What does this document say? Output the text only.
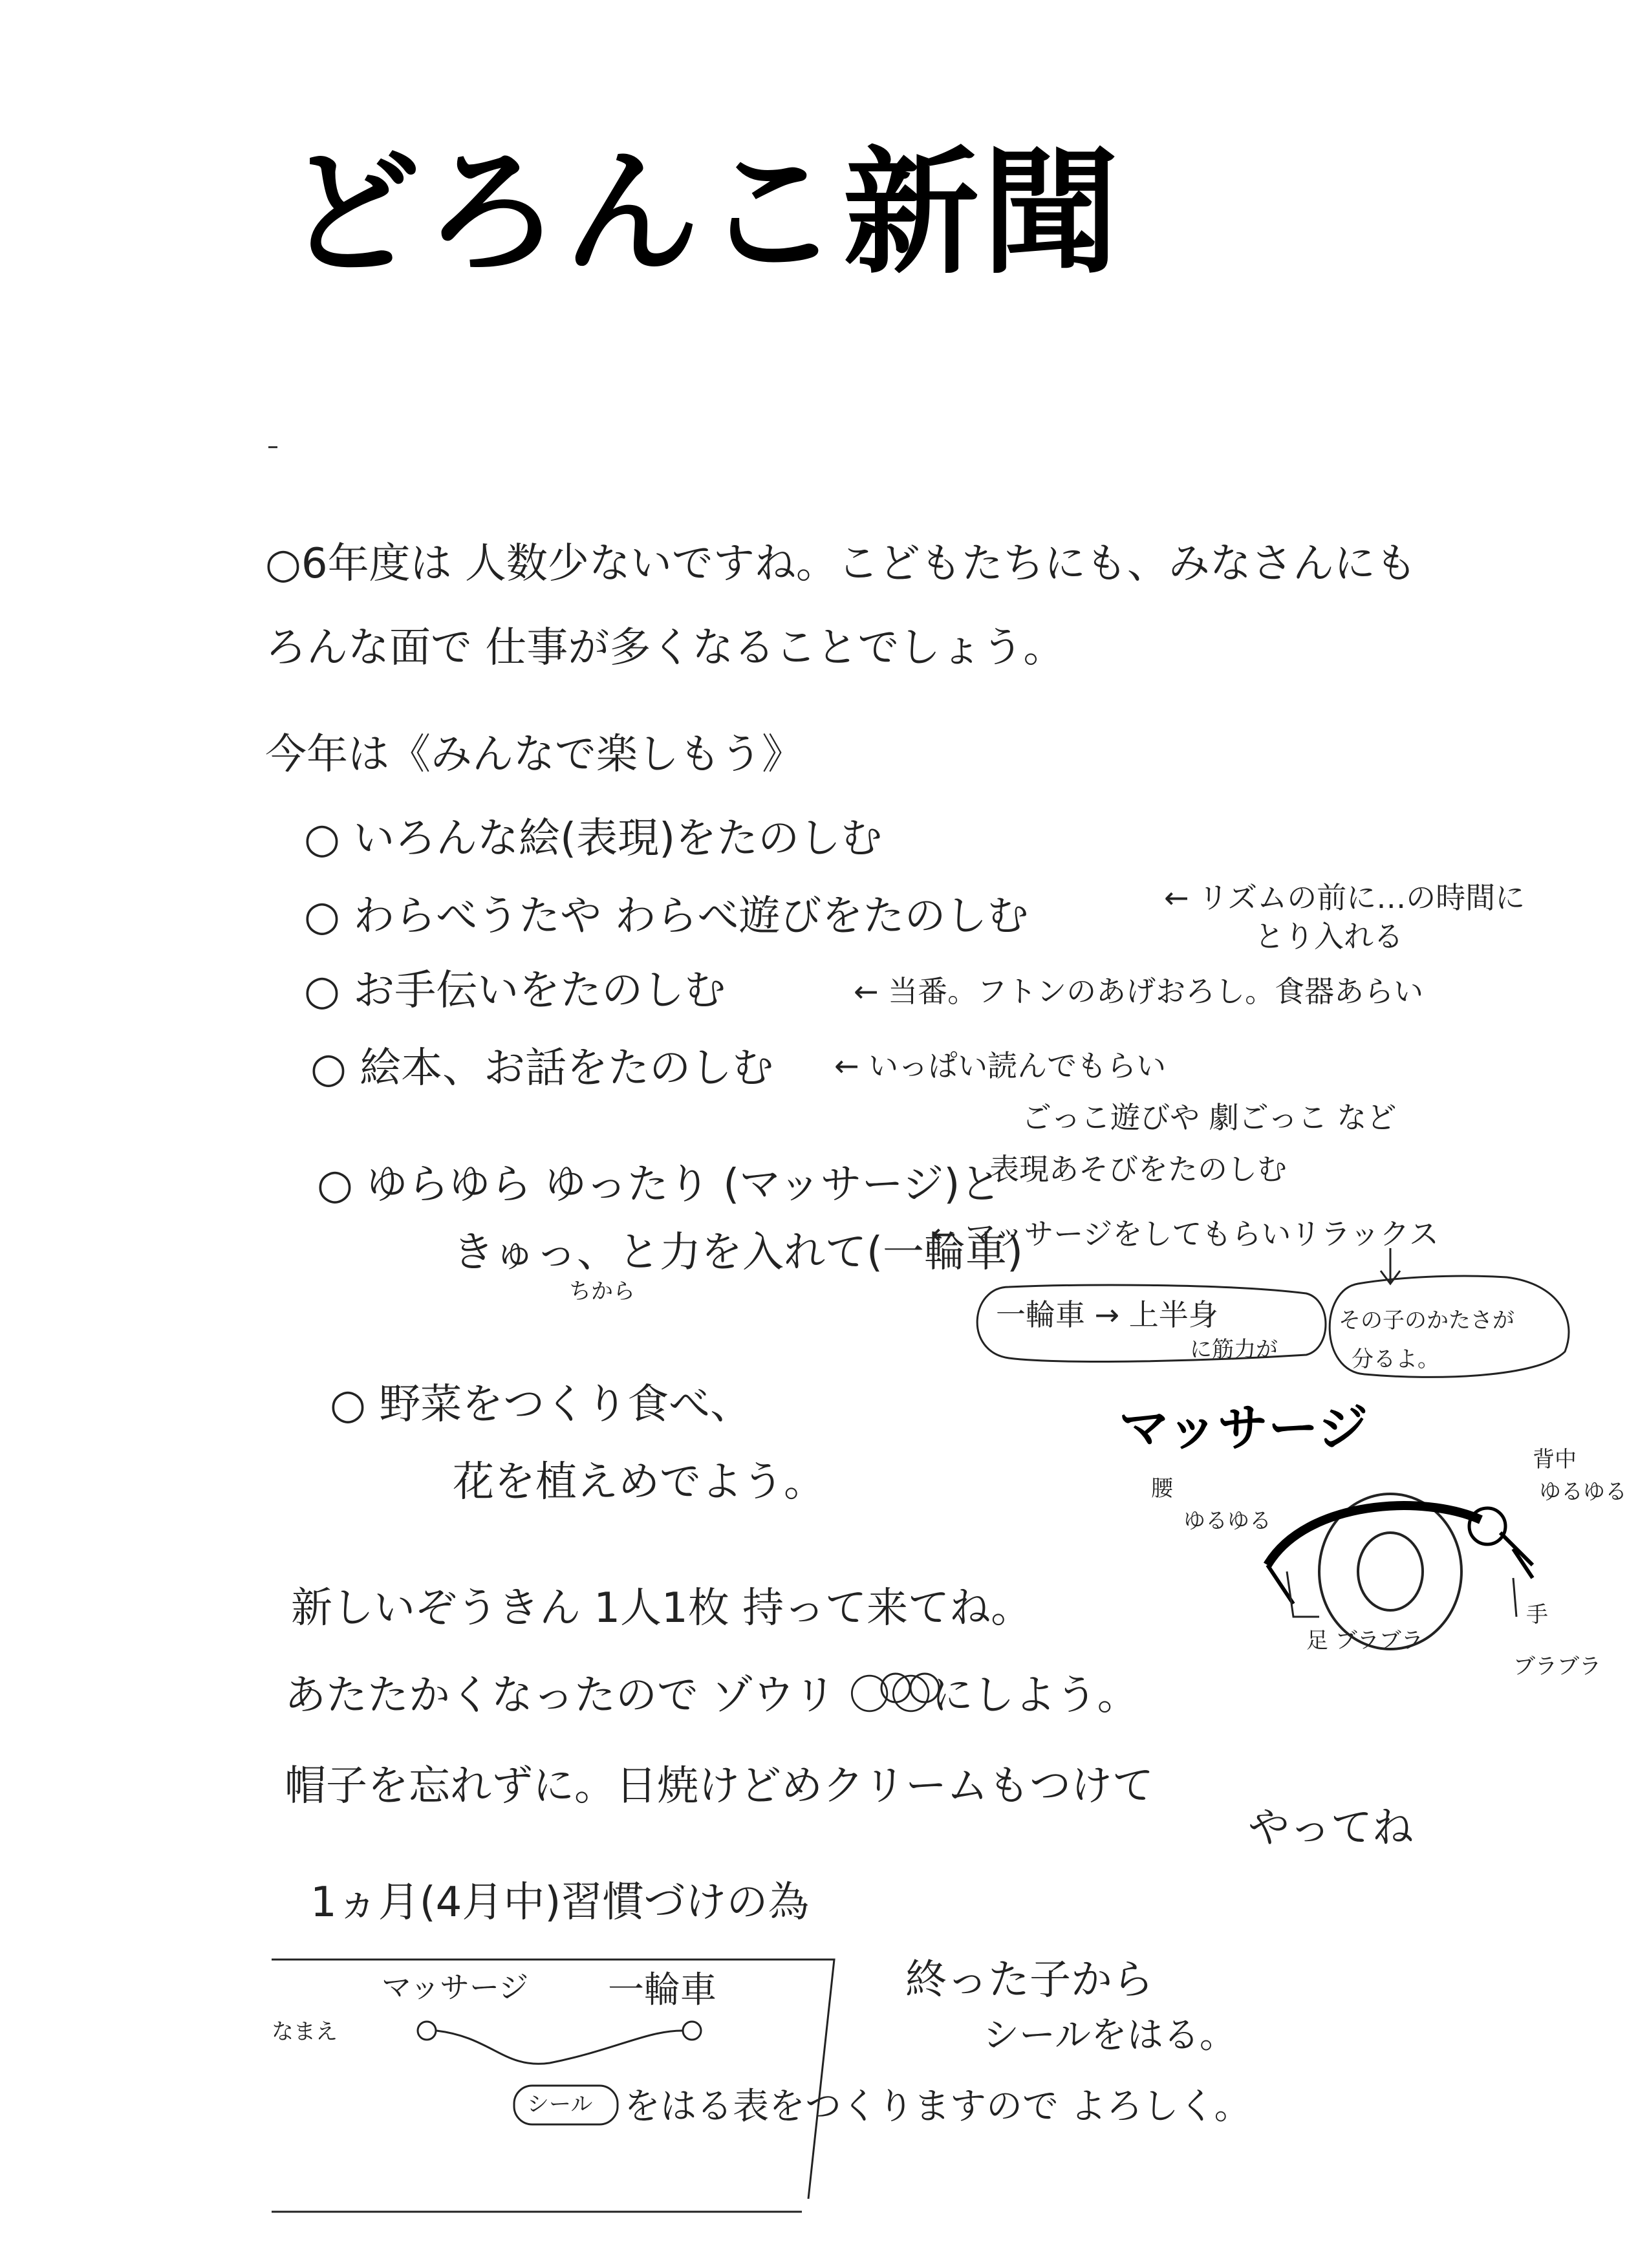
どろんこ新聞
○6年度は 人数少ないですね。こどもたちにも、みなさんにも
ろんな面で 仕事が多くなることでしょう。
今年は《みんなで楽しもう》
○ いろんな絵(表現)をたのしむ
○ わらべうたや わらべ遊びをたのしむ	← リズムの前に…の時間に
とり入れる
○ お手伝いをたのしむ	← 当番。フトンのあげおろし。食器あらい
○ 絵本、お話をたのしむ ← いっぱい読んでもらい
ごっこ遊びや 劇ごっこ など
表現あそびをたのしむ
○ ゆらゆら ゆったり (マッサージ)と
きゅっ、と力を入れて(一輪車)
ちから
← マッサージをしてもらいリラックス
一輪車 → 上半身
に筋力が
その子のかたさが
分るよ。
マッサージ
腰
ゆるゆる
背中
ゆるゆる
足 ブラブラ
手
ブラブラ
○ 野菜をつくり食べ、
花を植えめでよう。
新しいぞうきん 1人1枚 持って来てね。
あたたかくなったので ゾウリ 〇〇にしよう。
帽子を忘れずに。日焼けどめクリームもつけて
やってね
1ヵ月(4月中)習慣づけの為
終った子から
シールをはる。
マッサージ 一輪車
なまえ
シール をはる表をつくりますので よろしく。
